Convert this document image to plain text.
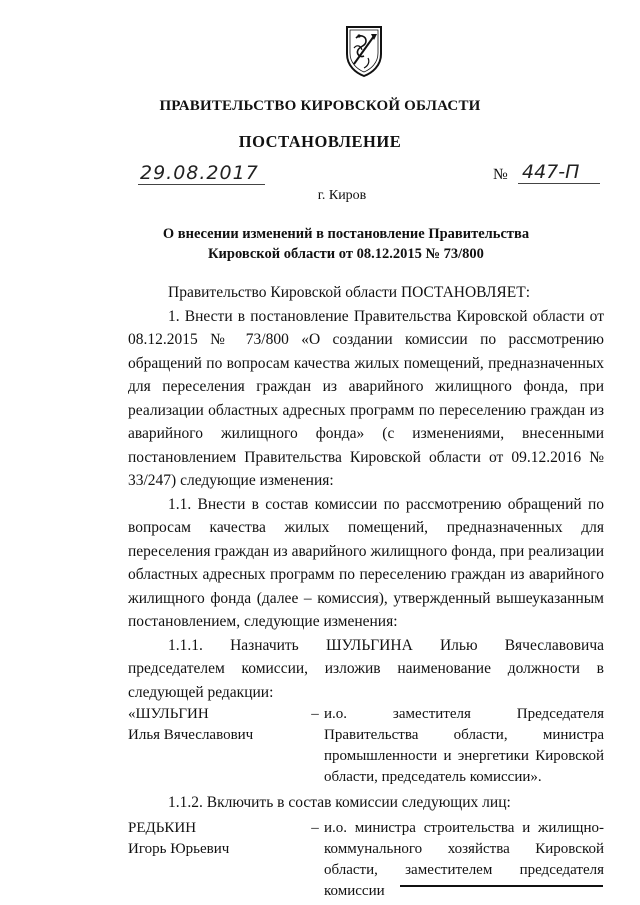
ПРАВИТЕЛЬСТВО КИРОВСКОЙ ОБЛАСТИ
ПОСТАНОВЛЕНИЕ
29.08.2017	№ 447-П
г. Киров
О внесении изменений в постановление Правительства
Кировской области от 08.12.2015 № 73/800

Правительство Кировской области ПОСТАНОВЛЯЕТ:

1. Внести в постановление Правительства Кировской области от 08.12.2015 № 73/800 «О создании комиссии по рассмотрению обращений по вопросам качества жилых помещений, предназначенных для переселения граждан из аварийного жилищного фонда, при реализации областных адресных программ по переселению граждан из аварийного жилищного фонда» (с изменениями, внесенными постановлением Правительства Кировской области от 09.12.2016 № 33/247) следующие изменения:

1.1. Внести в состав комиссии по рассмотрению обращений по вопросам качества жилых помещений, предназначенных для переселения граждан из аварийного жилищного фонда, при реализации областных адресных программ по переселению граждан из аварийного жилищного фонда (далее – комиссия), утвержденный вышеуказанным постановлением, следующие изменения:

1.1.1. Назначить ШУЛЬГИНА Илью Вячеславовича председателем комиссии, изложив наименование должности в следующей редакции:

«ШУЛЬГИН
Илья Вячеславович
	–	и.о. заместителя Председателя Правительства области, министра промышленности и энергетики Кировской области, председатель комиссии».

1.1.2. Включить в состав комиссии следующих лиц:

РЕДЬКИН
Игорь Юрьевич
	–	и.о. министра строительства и жилищно-коммунального хозяйства Кировской области, заместителем председателя комиссии
